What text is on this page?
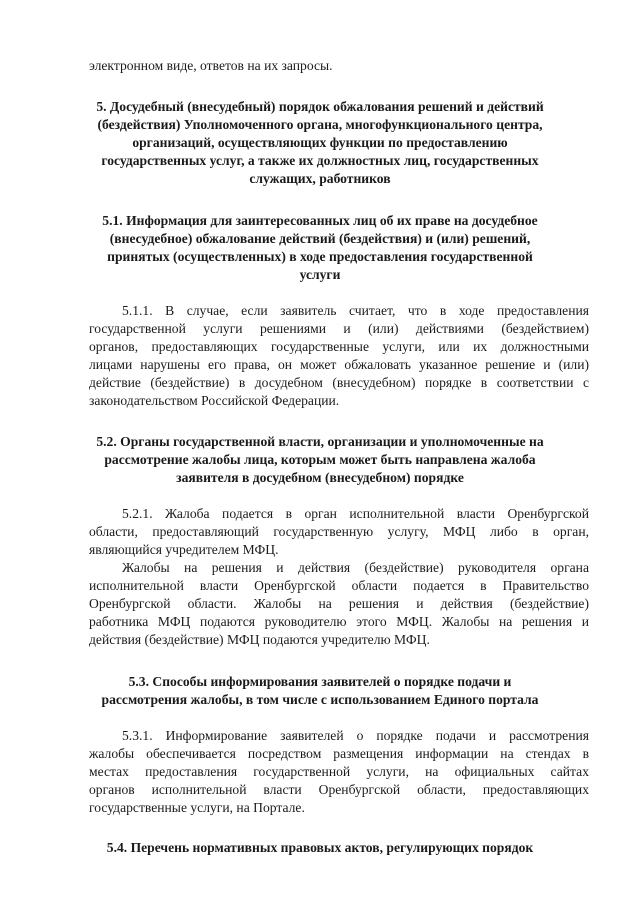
электронном виде, ответов на их запросы.
5. Досудебный (внесудебный) порядок обжалования решений и действий
(бездействия) Уполномоченного органа, многофункционального центра,
организаций, осуществляющих функции по предоставлению
государственных услуг, а также их должностных лиц, государственных
служащих, работников
5.1. Информация для заинтересованных лиц об их праве на досудебное
(внесудебное) обжалование действий (бездействия) и (или) решений,
принятых (осуществленных) в ходе предоставления государственной
услуги
5.1.1. В случае, если заявитель считает, что в ходе предоставления
государственной услуги решениями и (или) действиями (бездействием)
органов, предоставляющих государственные услуги, или их должностными
лицами нарушены его права, он может обжаловать указанное решение и (или)
действие (бездействие) в досудебном (внесудебном) порядке в соответствии с
законодательством Российской Федерации.
5.2. Органы государственной власти, организации и уполномоченные на
рассмотрение жалобы лица, которым может быть направлена жалоба
заявителя в досудебном (внесудебном) порядке
5.2.1. Жалоба подается в орган исполнительной власти Оренбургской
области, предоставляющий государственную услугу, МФЦ либо в орган,
являющийся учредителем МФЦ.
Жалобы на решения и действия (бездействие) руководителя органа
исполнительной власти Оренбургской области подается в Правительство
Оренбургской области. Жалобы на решения и действия (бездействие)
работника МФЦ подаются руководителю этого МФЦ. Жалобы на решения и
действия (бездействие) МФЦ подаются учредителю МФЦ.
5.3. Способы информирования заявителей о порядке подачи и
рассмотрения жалобы, в том числе с использованием Единого портала
5.3.1. Информирование заявителей о порядке подачи и рассмотрения
жалобы обеспечивается посредством размещения информации на стендах в
местах предоставления государственной услуги, на официальных сайтах
органов исполнительной власти Оренбургской области, предоставляющих
государственные услуги, на Портале.
5.4. Перечень нормативных правовых актов, регулирующих порядок
